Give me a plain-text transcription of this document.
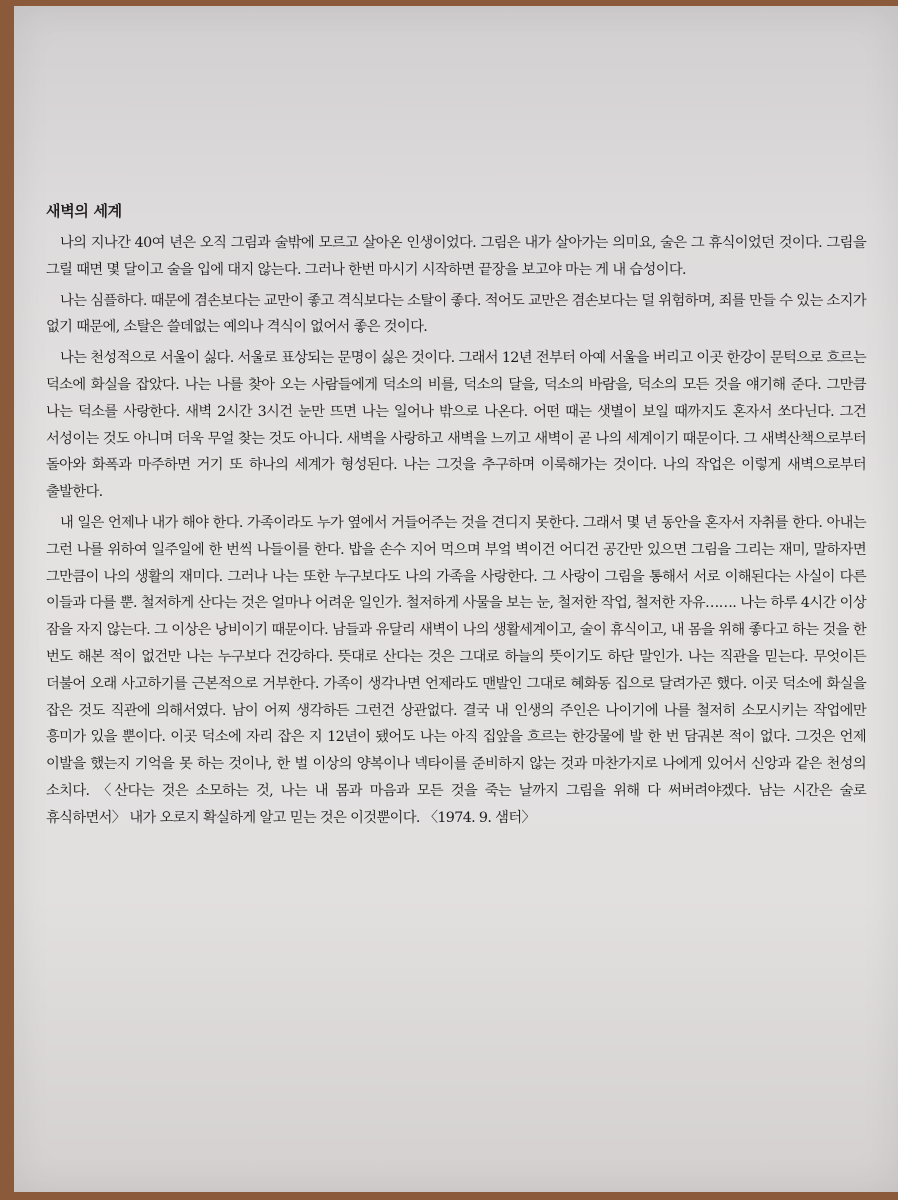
새벽의 세계

나의 지나간 40여 년은 오직 그림과 술밖에 모르고 살아온 인생이었다. 그림은 내가 살아가는 의미요, 술은 그 휴식이었던 것이다. 그림을 그릴 때면 몇 달이고 술을 입에 대지 않는다. 그러나 한번 마시기 시작하면 끝장을 보고야 마는 게 내 습성이다.

나는 심플하다. 때문에 겸손보다는 교만이 좋고 격식보다는 소탈이 좋다. 적어도 교만은 겸손보다는 덜 위험하며, 죄를 만들 수 있는 소지가 없기 때문에, 소탈은 쓸데없는 예의나 격식이 없어서 좋은 것이다.

나는 천성적으로 서울이 싫다. 서울로 표상되는 문명이 싫은 것이다. 그래서 12년 전부터 아예 서울을 버리고 이곳 한강이 문턱으로 흐르는 덕소에 화실을 잡았다. 나는 나를 찾아 오는 사람들에게 덕소의 비를, 덕소의 달을, 덕소의 바람을, 덕소의 모든 것을 얘기해 준다. 그만큼 나는 덕소를 사랑한다. 새벽 2시간 3시건 눈만 뜨면 나는 일어나 밖으로 나온다. 어떤 때는 샛별이 보일 때까지도 혼자서 쏘다닌다. 그건 서성이는 것도 아니며 더욱 무얼 찾는 것도 아니다. 새벽을 사랑하고 새벽을 느끼고 새벽이 곧 나의 세계이기 때문이다. 그 새벽산책으로부터 돌아와 화폭과 마주하면 거기 또 하나의 세계가 형성된다. 나는 그것을 추구하며 이룩해가는 것이다. 나의 작업은 이렇게 새벽으로부터 출발한다.

내 일은 언제나 내가 해야 한다. 가족이라도 누가 옆에서 거들어주는 것을 견디지 못한다. 그래서 몇 년 동안을 혼자서 자취를 한다. 아내는 그런 나를 위하여 일주일에 한 번씩 나들이를 한다. 밥을 손수 지어 먹으며 부엌 벽이건 어디건 공간만 있으면 그림을 그리는 재미, 말하자면 그만큼이 나의 생활의 재미다. 그러나 나는 또한 누구보다도 나의 가족을 사랑한다. 그 사랑이 그림을 통해서 서로 이해된다는 사실이 다른 이들과 다를 뿐. 철저하게 산다는 것은 얼마나 어려운 일인가. 철저하게 사물을 보는 눈, 철저한 작업, 철저한 자유……. 나는 하루 4시간 이상 잠을 자지 않는다. 그 이상은 낭비이기 때문이다. 남들과 유달리 새벽이 나의 생활세계이고, 술이 휴식이고, 내 몸을 위해 좋다고 하는 것을 한 번도 해본 적이 없건만 나는 누구보다 건강하다. 뜻대로 산다는 것은 그대로 하늘의 뜻이기도 하단 말인가. 나는 직관을 믿는다. 무엇이든 더불어 오래 사고하기를 근본적으로 거부한다. 가족이 생각나면 언제라도 맨발인 그대로 혜화동 집으로 달려가곤 했다. 이곳 덕소에 화실을 잡은 것도 직관에 의해서였다. 남이 어찌 생각하든 그런건 상관없다. 결국 내 인생의 주인은 나이기에 나를 철저히 소모시키는 작업에만 흥미가 있을 뿐이다. 이곳 덕소에 자리 잡은 지 12년이 됐어도 나는 아직 집앞을 흐르는 한강물에 발 한 번 담궈본 적이 없다. 그것은 언제 이발을 했는지 기억을 못 하는 것이나, 한 벌 이상의 양복이나 넥타이를 준비하지 않는 것과 마찬가지로 나에게 있어서 신앙과 같은 천성의 소치다. 〈산다는 것은 소모하는 것, 나는 내 몸과 마음과 모든 것을 죽는 날까지 그림을 위해 다 써버려야겠다. 남는 시간은 술로 휴식하면서〉 내가 오로지 확실하게 알고 믿는 것은 이것뿐이다. 〈1974. 9. 샘터〉
